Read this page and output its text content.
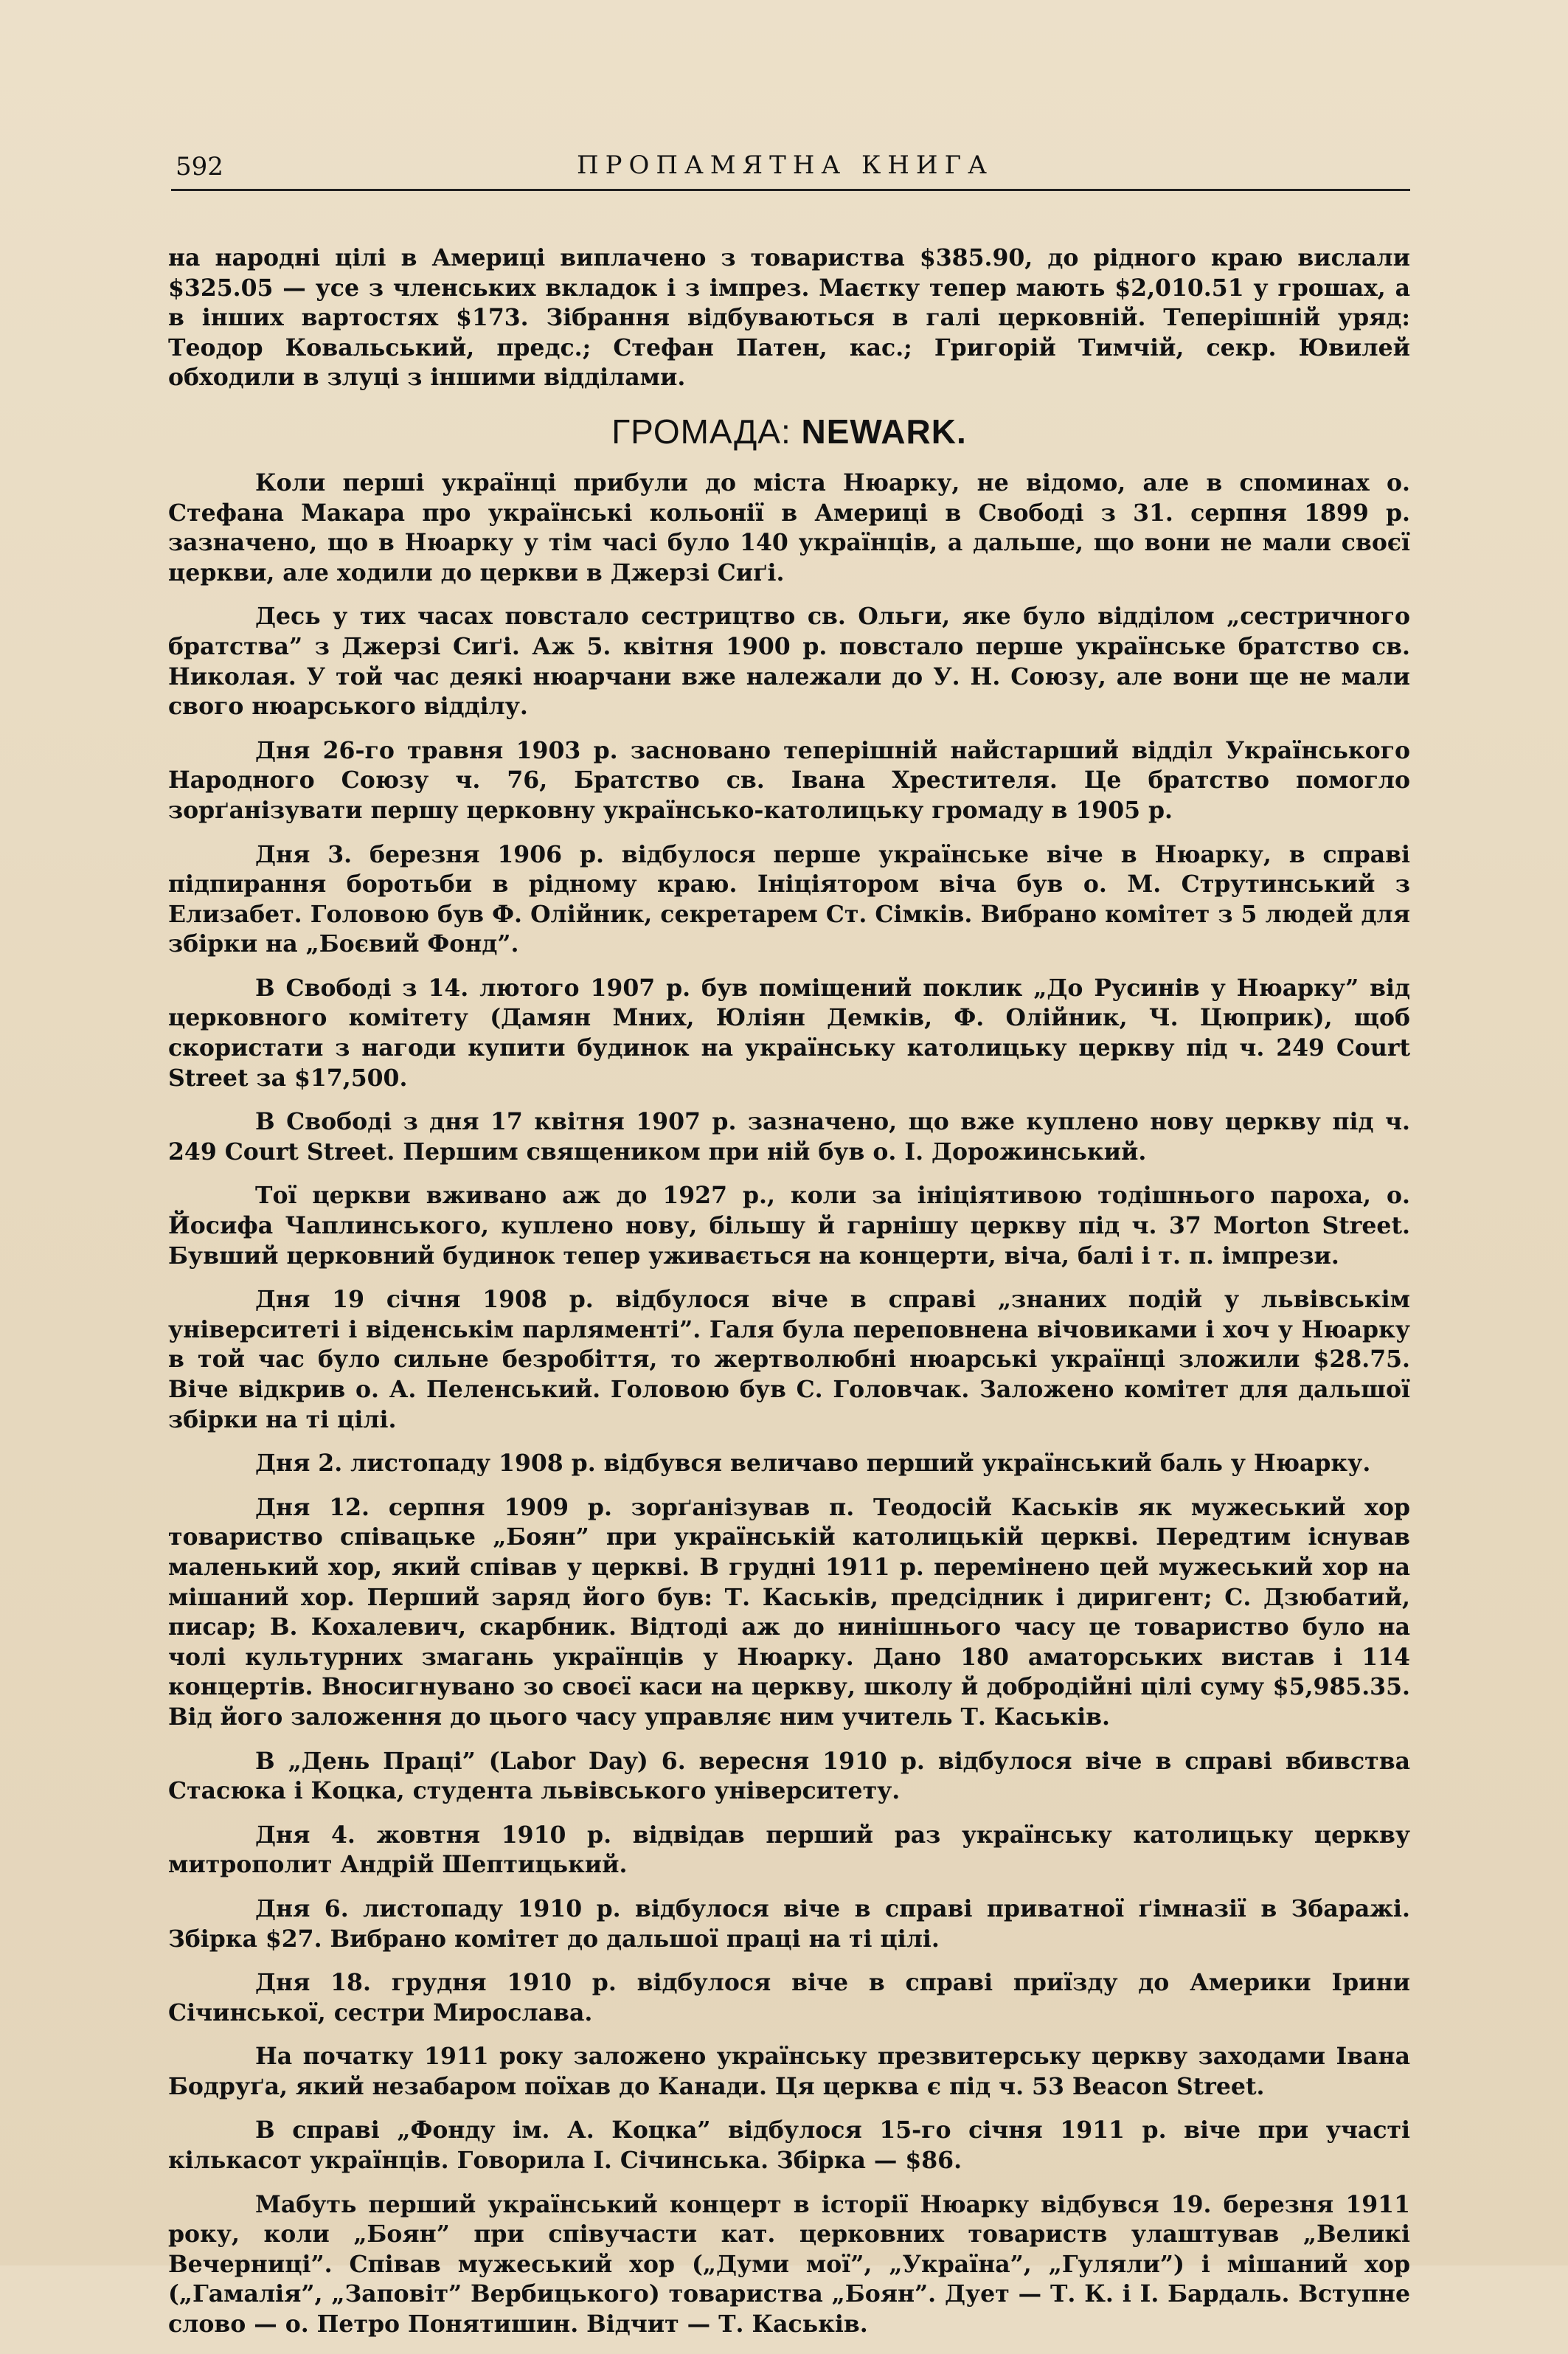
592	ПРОПАМЯТНА КНИГА

на народні цілі в Америці виплачено з товариства $385.90, до рідного краю вислали $325.05 — усе з членських вкладок і з імпрез. Маєтку тепер мають $2,010.51 у грошах, а в інших вартостях $173. Зібрання відбуваються в галі церковній. Теперішній уряд: Теодор Ковальський, предс.; Стефан Патен, кас.; Григорій Тимчій, секр. Ювилей обходили в злуці з іншими відділами.

ГРОМАДА: NEWARK.

Коли перші українці прибули до міста Нюарку, не відомо, але в споминах о. Стефана Макара про українські кольонії в Америці в Свободі з 31. серпня 1899 р. зазначено, що в Нюарку у тім часі було 140 українців, а дальше, що вони не мали своєї церкви, але ходили до церкви в Джерзі Сиґі.

Десь у тих часах повстало сестрицтво св. Ольги, яке було відділом „сестричного братства” з Джерзі Сиґі. Аж 5. квітня 1900 р. повстало перше українське братство св. Николая. У той час деякі нюарчани вже належали до У. Н. Союзу, але вони ще не мали свого нюарського відділу.

Дня 26-го травня 1903 р. засновано теперішній найстарший відділ Українського Народного Союзу ч. 76, Братство св. Івана Хрестителя. Це братство помогло зорґанізувати першу церковну українсько-католицьку громаду в 1905 р.

Дня 3. березня 1906 р. відбулося перше українське віче в Нюарку, в справі підпирання боротьби в рідному краю. Ініціятором віча був о. М. Струтинський з Елизабет. Головою був Ф. Олійник, секретарем Ст. Сімків. Вибрано комітет з 5 людей для збірки на „Боєвий Фонд”.

В Свободі з 14. лютого 1907 р. був поміщений поклик „До Русинів у Нюарку” від церковного комітету (Дамян Мних, Юліян Демків, Ф. Олійник, Ч. Цюприк), щоб скористати з нагоди купити будинок на українську католицьку церкву під ч. 249 Court Street за $17,500.

В Свободі з дня 17 квітня 1907 р. зазначено, що вже куплено нову церкву під ч. 249 Court Street. Першим священиком при ній був о. І. Дорожинський.

Тої церкви вживано аж до 1927 р., коли за ініціятивою тодішнього пароха, о. Йосифа Чаплинського, куплено нову, більшу й гарнішу церкву під ч. 37 Morton Street. Бувший церковний будинок тепер уживається на концерти, віча, балі і т. п. імпрези.

Дня 19 січня 1908 р. відбулося віче в справі „знаних подій у львівськім університеті і віденськім парляменті”. Галя була переповнена вічовиками і хоч у Нюарку в той час було сильне безробіття, то жертволюбні нюарські українці зложили $28.75. Віче відкрив о. А. Пеленський. Головою був С. Головчак. Заложено комітет для дальшої збірки на ті цілі.

Дня 2. листопаду 1908 р. відбувся величаво перший український баль у Нюарку.

Дня 12. серпня 1909 р. зорґанізував п. Теодосій Каськів як мужеський хор товариство співацьке „Боян” при українській католицькій церкві. Передтим існував маленький хор, який співав у церкві. В грудні 1911 р. перемінено цей мужеський хор на мішаний хор. Перший заряд його був: Т. Каськів, предсідник і диригент; С. Дзюбатий, писар; В. Кохалевич, скарбник. Відтоді аж до нинішнього часу це товариство було на чолі культурних змагань українців у Нюарку. Дано 180 аматорських вистав і 114 концертів. Вносигнувано зо своєї каси на церкву, школу й добродійні цілі суму $5,985.35. Від його заложення до цього часу управляє ним учитель Т. Каськів.

В „День Праці” (Labor Day) 6. вересня 1910 р. відбулося віче в справі вбивства Стасюка і Коцка, студента львівського університету.

Дня 4. жовтня 1910 р. відвідав перший раз українську католицьку церкву митрополит Андрій Шептицький.

Дня 6. листопаду 1910 р. відбулося віче в справі приватної ґімназії в Збаражі. Збірка $27. Вибрано комітет до дальшої праці на ті цілі.

Дня 18. грудня 1910 р. відбулося віче в справі приїзду до Америки Ірини Січинської, сестри Мирослава.

На початку 1911 року заложено українську презвитерську церкву заходами Івана Бодруґа, який незабаром поїхав до Канади. Ця церква є під ч. 53 Beacon Street.

В справі „Фонду ім. А. Коцка” відбулося 15-го січня 1911 р. віче при участі кількасот українців. Говорила І. Січинська. Збірка — $86.

Мабуть перший український концерт в історії Нюарку відбувся 19. березня 1911 року, коли „Боян” при співучасти кат. церковних товариств улаштував „Великі Вечерниці”. Співав мужеський хор („Думи мої”, „Україна”, „Гуляли”) і мішаний хор („Гамалія”, „Заповіт” Вербицького) товариства „Боян”. Дует — Т. К. і І. Бардаль. Вступне слово — о. Петро Понятишин. Відчит — Т. Каськів.
